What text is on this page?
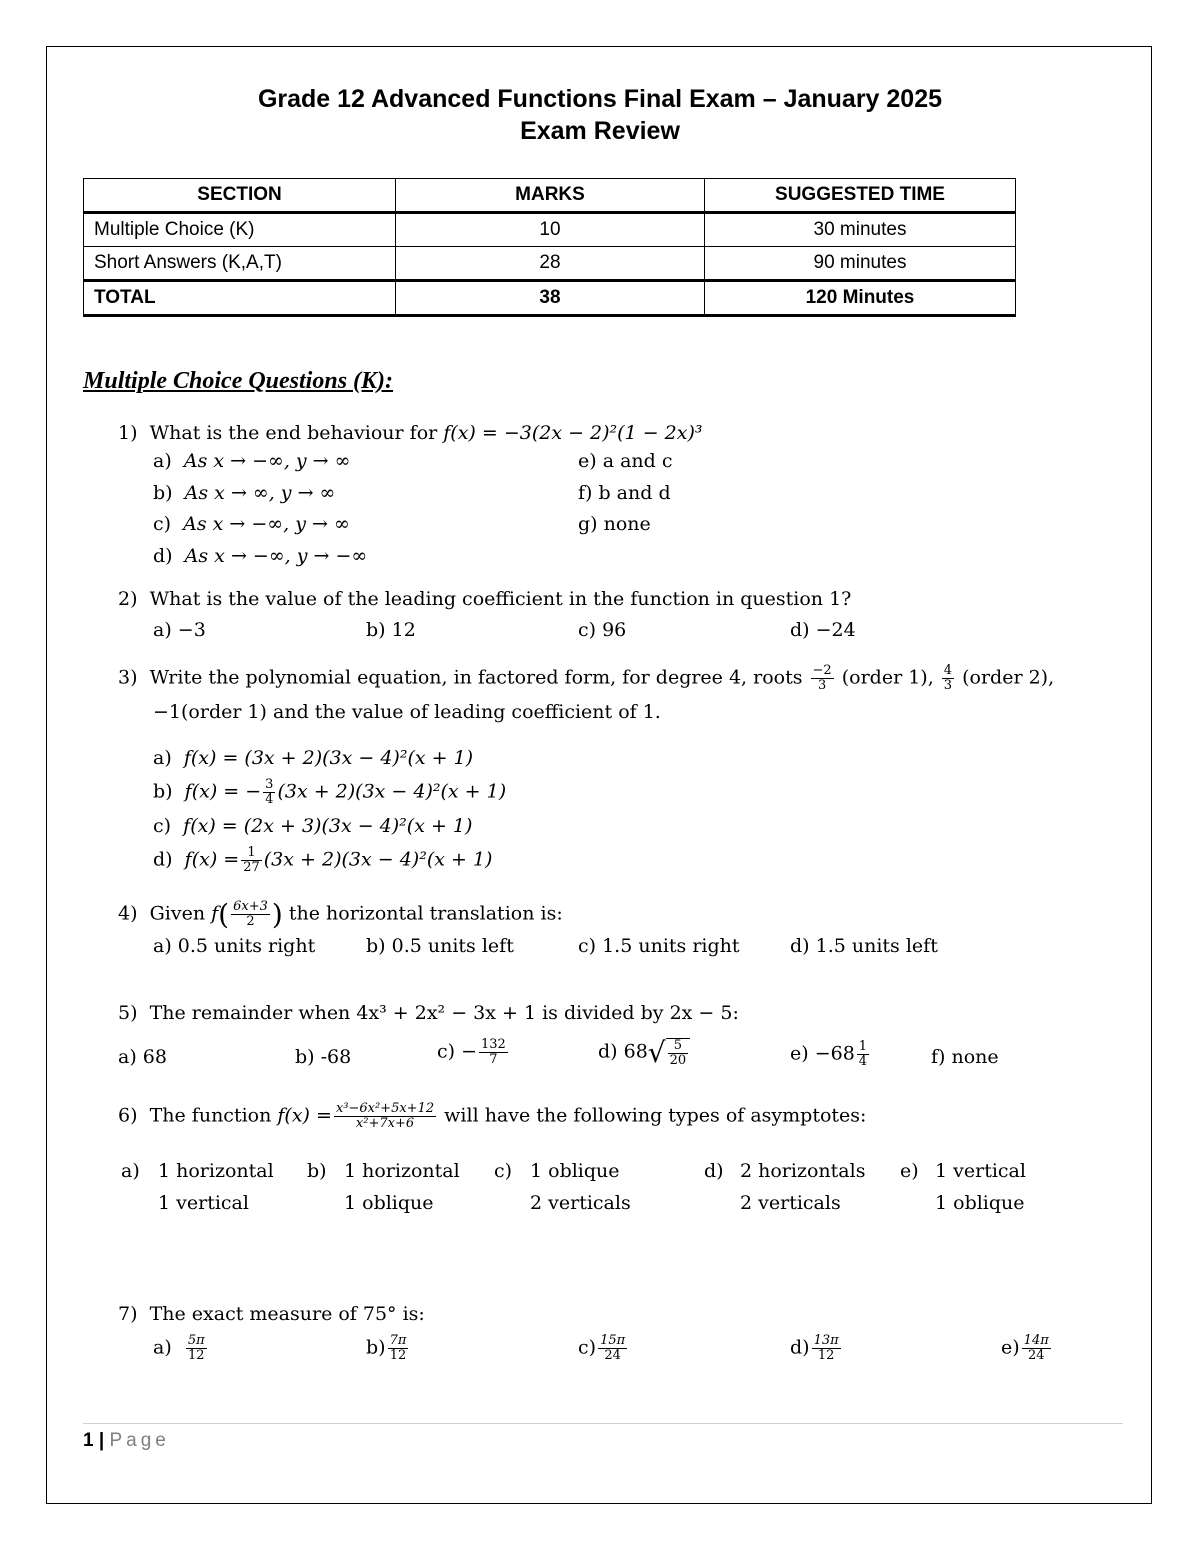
Grade 12 Advanced Functions Final Exam – January 2025
Exam Review
SECTION	MARKS	SUGGESTED TIME
Multiple Choice (K)	10	30 minutes
Short Answers (K,A,T)	28	90 minutes
TOTAL	38	120 Minutes
Multiple Choice Questions (K):
1) What is the end behaviour for f(x) = −3(2x − 2)²(1 − 2x)³
a) As x → −∞, y → ∞
b) As x → ∞, y → ∞
c) As x → −∞, y → ∞
d) As x → −∞, y → −∞
e) a and c
f) b and d
g) none
2) What is the value of the leading coefficient in the function in question 1?
a) −3	b) 12	c) 96	d) −24
3) Write the polynomial equation, in factored form, for degree 4, roots $\frac{-2}{3}$ (order 1), $\frac{4}{3}$ (order 2),
−1(order 1) and the value of leading coefficient of 1.
a) f(x) = (3x + 2)(3x − 4)²(x + 1)
b) f(x) = − $\frac{3}{4} (3x + 2)(3x - 4)^2(x + 1)$
c) f(x) = (2x + 3)(3x − 4)²(x + 1)
d) $f(x) = \frac{1}{27} (3x + 2)(3x - 4)^2(x + 1)$
4) Given $f( \frac{6x+3}{2}$ ) the horizontal translation is:
a) 0.5 units right	b) 0.5 units left	c) 1.5 units right	d) 1.5 units left
5) The remainder when 4x³ + 2x² − 3x + 1 is divided by 2x − 5:
a) 68	b) -68	$c) - \frac{132}{7}$	d) $68√ \frac{5}{20}$	$e) -68 \frac{1}{4}$	f) none
6) The function $f(x) = \frac{\text{x³−6x²+5x+12}}{\text{x²+7x+6}}$ will have the following types of asymptotes:
a) 1 horizontal
1 vertical
b) 1 horizontal
1 oblique
c) 1 oblique
2 verticals
d) 2 horizontals
2 verticals
e) 1 vertical
1 oblique
7) The exact measure of 75° is:
$a) \frac{5\pi}{12}$	$b) \frac{7\pi}{12}$	$c) \frac{15\pi}{24}$	$d) \frac{13\pi}{12}$	$e) \frac{14\pi}{24}$
1 | Page
